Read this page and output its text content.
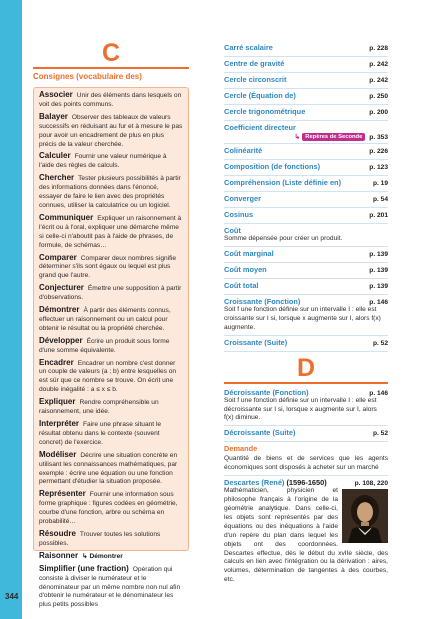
344
C
Consignes (vocabulaire des)
Associer Unir des éléments dans lesquels on voit des points communs.
Balayer Observer des tableaux de valeurs successifs en réduisant au fur et à mesure le pas pour avoir un encadrement de plus en plus précis de la valeur cherchée.
Calculer Fournir une valeur numérique à l'aide des règles de calculs.
Chercher Tester plusieurs possibilités à partir des informations données dans l'énoncé, essayer de faire le lien avec des propriétés connues, utiliser la calculatrice ou un logiciel.
Communiquer Expliquer un raisonnement à l'écrit ou à l'oral, expliquer une démarche même si celle-ci n'aboutit pas à l'aide de phrases, de formule, de schémas…
Comparer Comparer deux nombres signifie déterminer s'ils sont égaux ou lequel est plus grand que l'autre.
Conjecturer Émettre une supposition à partir d'observations.
Démontrer À partir des éléments connus, effectuer un raisonnement ou un calcul pour obtenir le résultat ou la propriété cherchée.
Développer Écrire un produit sous forme d'une somme équivalente.
Encadrer Encadrer un nombre c'est donner un couple de valeurs (a ; b) entre lesquelles on est sûr que ce nombre se trouve. On écrit une double inégalité : a ≤ x ≤ b.
Expliquer Rendre compréhensible un raisonnement, une idée.
Interpréter Faire une phrase situant le résultat obtenu dans le contexte (souvent concret) de l'exercice.
Modéliser Décrire une situation concrète en utilisant les connaissances mathématiques, par exemple : écrire une équation ou une fonction permettant d'étudier la situation proposée.
Représenter Fournir une information sous forme graphique : figures codées en géométrie, courbe d'une fonction, arbre ou schéma en probabilité…
Résoudre Trouver toutes les solutions possibles.
Raisonner ↳ Démontrer
Simplifier (une fraction) Opération qui consiste à diviser le numérateur et le dénominateur par un même nombre non nul afin d'obtenir le numérateur et le dénominateur les plus petits possibles
Carré scalaire	p. 228
Centre de gravité	p. 242
Cercle circonscrit	p. 242
Cercle (Équation de)	p. 250
Cercle trigonométrique	p. 200
Coefficient directeur
↳ Repères de Seconde	p. 353
Colinéarité	p. 226
Composition (de fonctions)	p. 123
Compréhension (Liste définie en)	p. 19
Converger	p. 54
Cosinus	p. 201
Coût
Somme dépensée pour créer un produit.
Coût marginal	p. 139
Coût moyen	p. 139
Coût total	p. 139
Croissante (Fonction)	p. 146
Soit f une fonction définie sur un intervalle I : elle est croissante sur I si, lorsque x augmente sur I, alors f(x) augmente.
Croissante (Suite)	p. 52
D
Décroissante (Fonction)	p. 146
Soit f une fonction définie sur un intervalle I : elle est décroissante sur I si, lorsque x augmente sur I, alors f(x) diminue.
Décroissante (Suite)	p. 52
Demande
Quantité de biens et de services que les agents économiques sont disposés à acheter sur un marché
Descartes (René) (1596-1650)	p. 108, 220
Mathématicien, physicien et philosophe français à l'origine de la géométrie analytique. Dans celle-ci, les objets sont représentés par des équations ou des inéquations à l'aide d'un repère du plan dans lequel les objets ont des coordonnées. Descartes effectue, dès le début du xvIIe siècle, des calculs en lien avec l'intégration ou la dérivation : aires, volumes, détermination de tangentes à des courbes, etc.
